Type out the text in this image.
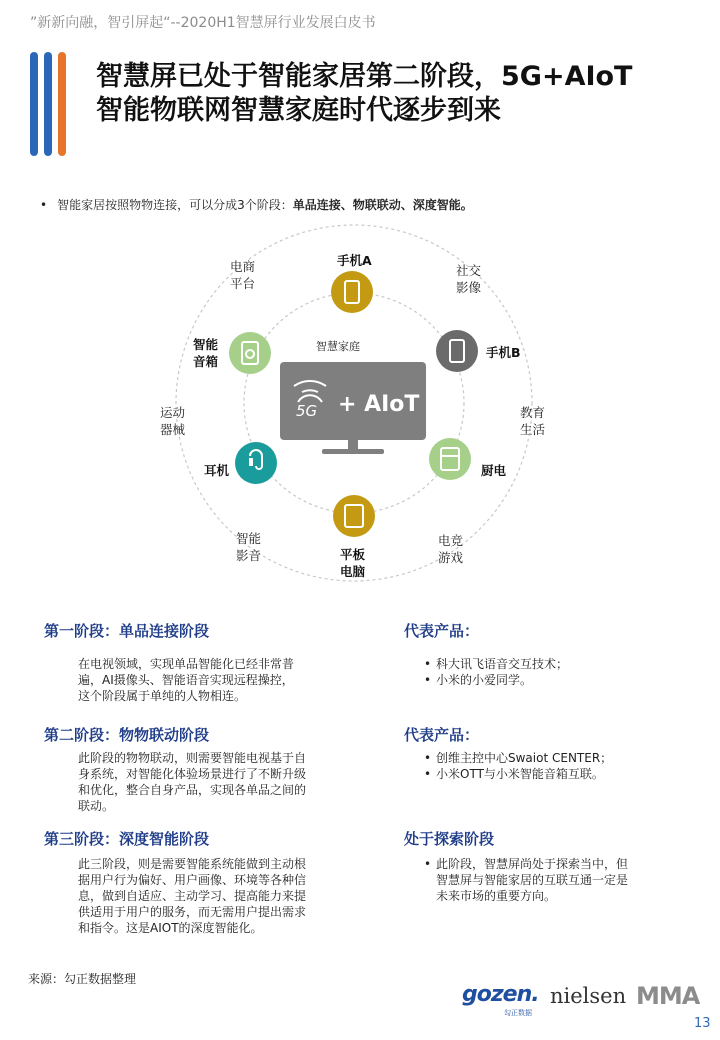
”新新向融，智引屏起“--2020H1智慧屏行业发展白皮书
智慧屏已处于智能家居第二阶段，5G+AIoT
智能物联网智慧家庭时代逐步到来
• 智能家居按照物物连接，可以分成3个阶段：单品连接、物联联动、深度智能。
5G + AIoT
智慧家庭
手机A
手机B
厨电
平板
电脑
耳机
智能
音箱
电商
平台
社交
影像
教育
生活
电竞
游戏
智能
影音
运动
器械
第一阶段：单品连接阶段
在电视领域，实现单品智能化已经非常普
遍，AI摄像头、智能语音实现远程操控，
这个阶段属于单纯的人物相连。
代表产品：
• 科大讯飞语音交互技术；
• 小米的小爱同学。
第二阶段：物物联动阶段
此阶段的物物联动，则需要智能电视基于自
身系统，对智能化体验场景进行了不断升级
和优化，整合自身产品，实现各单品之间的
联动。
代表产品：
• 创维主控中心Swaiot CENTER；
• 小米OTT与小米智能音箱互联。
第三阶段：深度智能阶段
此三阶段，则是需要智能系统能做到主动根
据用户行为偏好、用户画像、环境等各种信
息，做到自适应、主动学习、提高能力来提
供适用于用户的服务，而无需用户提出需求
和指令。这是AIOT的深度智能化。
处于探索阶段
• 此阶段，智慧屏尚处于探索当中，但
智慧屏与智能家居的互联互通一定是
未来市场的重要方向。
来源：勾正数据整理
gozen.
勾正数据
nielsen MMA
13
